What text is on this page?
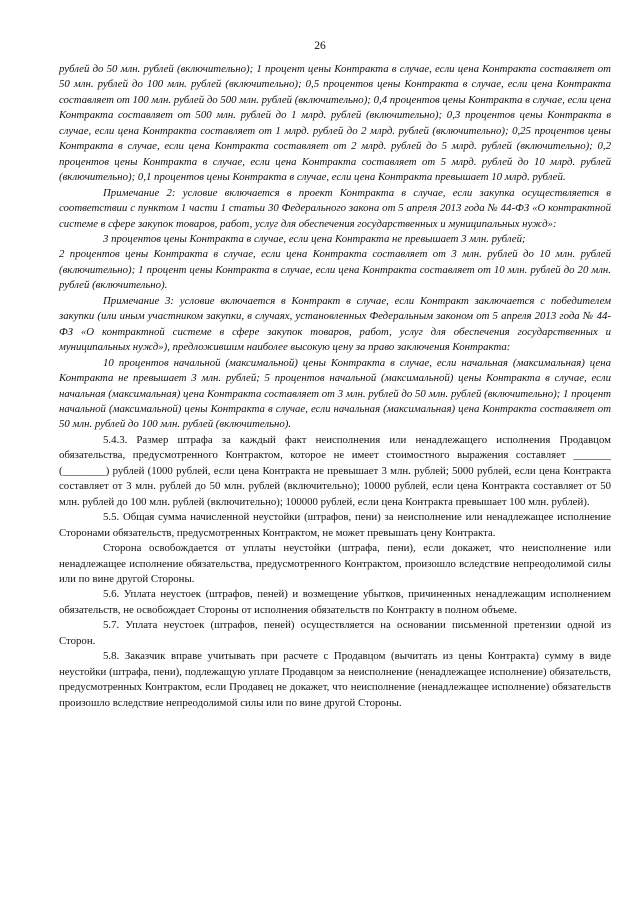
26

рублей до 50 млн. рублей (включительно); 1 процент цены Контракта в случае, если цена Контракта составляет от 50 млн. рублей до 100 млн. рублей (включительно); 0,5 процентов цены Контракта в случае, если цена Контракта составляет от 100 млн. рублей до 500 млн. рублей (включительно); 0,4 процентов цены Контракта в случае, если цена Контракта составляет от 500 млн. рублей до 1 млрд. рублей (включительно); 0,3 процентов цены Контракта в случае, если цена Контракта составляет от 1 млрд. рублей до 2 млрд. рублей (включительно); 0,25 процентов цены Контракта в случае, если цена Контракта составляет от 2 млрд. рублей до 5 млрд. рублей (включительно); 0,2 процентов цены Контракта в случае, если цена Контракта составляет от 5 млрд. рублей до 10 млрд. рублей (включительно); 0,1 процентов цены Контракта в случае, если цена Контракта превышает 10 млрд. рублей.

Примечание 2: условие включается в проект Контракта в случае, если закупка осуществляется в соответствии с пунктом 1 части 1 статьи 30 Федерального закона от 5 апреля 2013 года № 44-ФЗ «О контрактной системе в сфере закупок товаров, работ, услуг для обеспечения государственных и муниципальных нужд»:

3 процентов цены Контракта в случае, если цена Контракта не превышает 3 млн. рублей;

2 процентов цены Контракта в случае, если цена Контракта составляет от 3 млн. рублей до 10 млн. рублей (включительно); 1 процент цены Контракта в случае, если цена Контракта составляет от 10 млн. рублей до 20 млн. рублей (включительно).

Примечание 3: условие включается в Контракт в случае, если Контракт заключается с победителем закупки (или иным участником закупки, в случаях, установленных Федеральным законом от 5 апреля 2013 года № 44-ФЗ «О контрактной системе в сфере закупок товаров, работ, услуг для обеспечения государственных и муниципальных нужд»), предложившим наиболее высокую цену за право заключения Контракта:

10 процентов начальной (максимальной) цены Контракта в случае, если начальная (максимальная) цена Контракта не превышает 3 млн. рублей; 5 процентов начальной (максимальной) цены Контракта в случае, если начальная (максимальная) цена Контракта составляет от 3 млн. рублей до 50 млн. рублей (включительно); 1 процент начальной (максимальной) цены Контракта в случае, если начальная (максимальная) цена Контракта составляет от 50 млн. рублей до 100 млн. рублей (включительно).

5.4.3. Размер штрафа за каждый факт неисполнения или ненадлежащего исполнения Продавцом обязательства, предусмотренного Контрактом, которое не имеет стоимостного выражения составляет _______ (________) рублей (1000 рублей, если цена Контракта не превышает 3 млн. рублей; 5000 рублей, если цена Контракта составляет от 3 млн. рублей до 50 млн. рублей (включительно); 10000 рублей, если цена Контракта составляет от 50 млн. рублей до 100 млн. рублей (включительно); 100000 рублей, если цена Контракта превышает 100 млн. рублей).

5.5. Общая сумма начисленной неустойки (штрафов, пени) за неисполнение или ненадлежащее исполнение Сторонами обязательств, предусмотренных Контрактом, не может превышать цену Контракта.

Сторона освобождается от уплаты неустойки (штрафа, пени), если докажет, что неисполнение или ненадлежащее исполнение обязательства, предусмотренного Контрактом, произошло вследствие непреодолимой силы или по вине другой Стороны.

5.6. Уплата неустоек (штрафов, пеней) и возмещение убытков, причиненных ненадлежащим исполнением обязательств, не освобождает Стороны от исполнения обязательств по Контракту в полном объеме.

5.7. Уплата неустоек (штрафов, пеней) осуществляется на основании письменной претензии одной из Сторон.

5.8. Заказчик вправе учитывать при расчете с Продавцом (вычитать из цены Контракта) сумму в виде неустойки (штрафа, пени), подлежащую уплате Продавцом за неисполнение (ненадлежащее исполнение) обязательств, предусмотренных Контрактом, если Продавец не докажет, что неисполнение (ненадлежащее исполнение) обязательств произошло вследствие непреодолимой силы или по вине другой Стороны.
